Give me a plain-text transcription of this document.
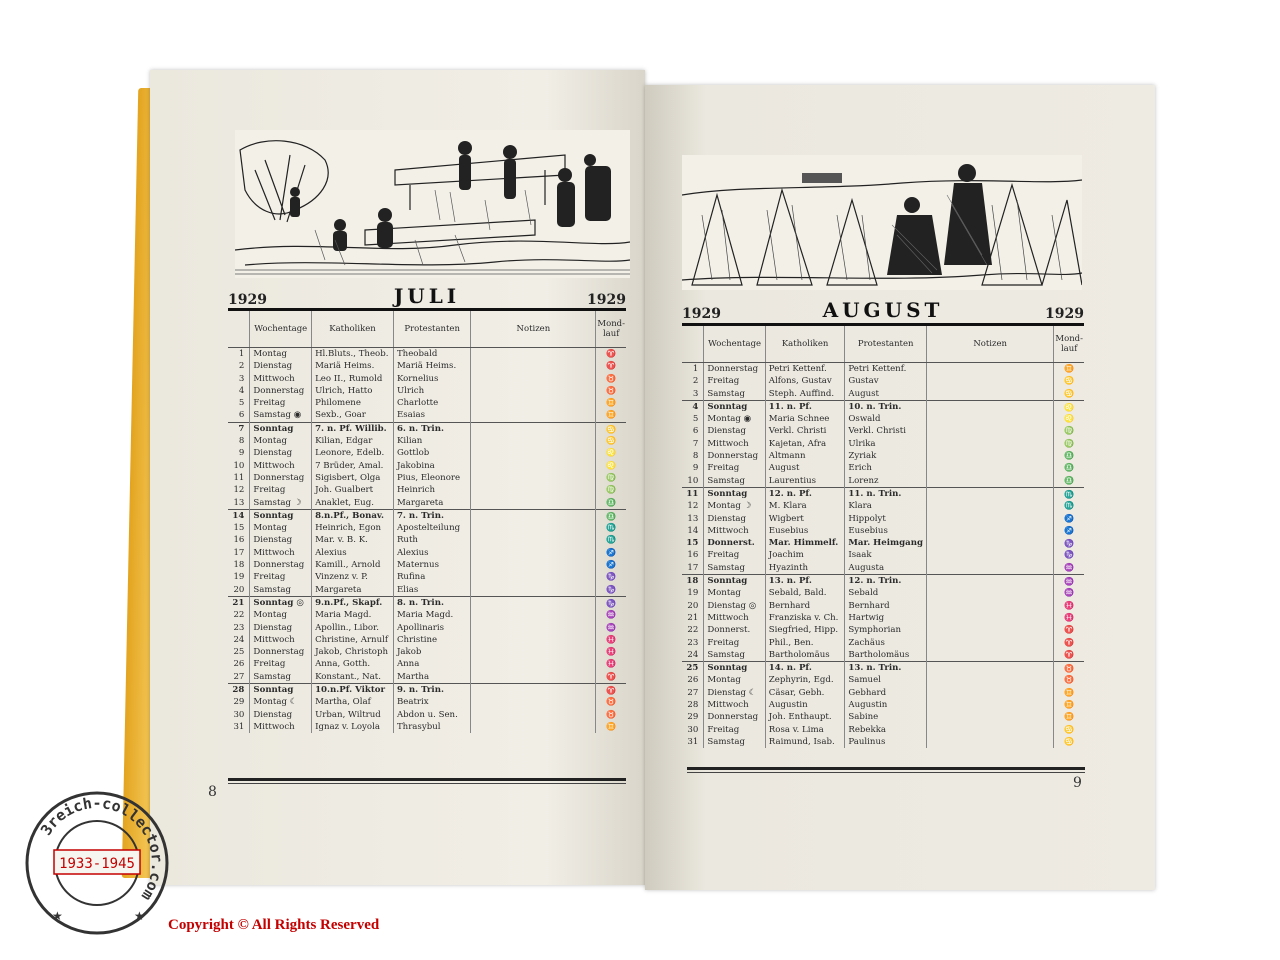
1929	JULI	1929
	Wochentage	Katholiken	Protestanten	Notizen	Mond-lauf
1	Montag	Hl.Bluts., Theob.	Theobald		♈
2	Dienstag	Mariä Heims.	Mariä Heims.		♈
3	Mittwoch	Leo II., Rumold	Kornelius		♉
4	Donnerstag	Ulrich, Hatto	Ulrich		♉
5	Freitag	Philomene	Charlotte		♊
6	Samstag ◉	Sexb., Goar	Esaias		♊
7	Sonntag	7. n. Pf. Willib.	6. n. Trin.		♋
8	Montag	Kilian, Edgar	Kilian		♋
9	Dienstag	Leonore, Edelb.	Gottlob		♌
10	Mittwoch	7 Brüder, Amal.	Jakobina		♌
11	Donnerstag	Sigisbert, Olga	Pius, Eleonore		♍
12	Freitag	Joh. Gualbert	Heinrich		♍
13	Samstag ☽	Anaklet, Eug.	Margareta		♎
14	Sonntag	8.n.Pf., Bonav.	7. n. Trin.		♎
15	Montag	Heinrich, Egon	Apostelteilung		♏
16	Dienstag	Mar. v. B. K.	Ruth		♏
17	Mittwoch	Alexius	Alexius		♐
18	Donnerstag	Kamill., Arnold	Maternus		♐
19	Freitag	Vinzenz v. P.	Rufina		♑
20	Samstag	Margareta	Elias		♑
21	Sonntag ◎	9.n.Pf., Skapf.	8. n. Trin.		♑
22	Montag	Maria Magd.	Maria Magd.		♒
23	Dienstag	Apollin., Libor.	Apollinaris		♒
24	Mittwoch	Christine, Arnulf	Christine		♓
25	Donnerstag	Jakob, Christoph	Jakob		♓
26	Freitag	Anna, Gotth.	Anna		♓
27	Samstag	Konstant., Nat.	Martha		♈
28	Sonntag	10.n.Pf. Viktor	9. n. Trin.		♈
29	Montag ☾	Martha, Olaf	Beatrix		♉
30	Dienstag	Urban, Wiltrud	Abdon u. Sen.		♉
31	Mittwoch	Ignaz v. Loyola	Thrasybul		♊
8
1929	AUGUST	1929
	Wochentage	Katholiken	Protestanten	Notizen	Mond-lauf
1	Donnerstag	Petri Kettenf.	Petri Kettenf.		♊
2	Freitag	Alfons, Gustav	Gustav		♋
3	Samstag	Steph. Auffind.	August		♋
4	Sonntag	11. n. Pf.	10. n. Trin.		♌
5	Montag ◉	Maria Schnee	Oswald		♌
6	Dienstag	Verkl. Christi	Verkl. Christi		♍
7	Mittwoch	Kajetan, Afra	Ulrika		♍
8	Donnerstag	Altmann	Zyriak		♎
9	Freitag	August	Erich		♎
10	Samstag	Laurentius	Lorenz		♎
11	Sonntag	12. n. Pf.	11. n. Trin.		♏
12	Montag ☽	M. Klara	Klara		♏
13	Dienstag	Wigbert	Hippolyt		♐
14	Mittwoch	Eusebius	Eusebius		♐
15	Donnerst.	Mar. Himmelf.	Mar. Heimgang		♑
16	Freitag	Joachim	Isaak		♑
17	Samstag	Hyazinth	Augusta		♒
18	Sonntag	13. n. Pf.	12. n. Trin.		♒
19	Montag	Sebald, Bald.	Sebald		♒
20	Dienstag ◎	Bernhard	Bernhard		♓
21	Mittwoch	Franziska v. Ch.	Hartwig		♓
22	Donnerst.	Siegfried, Hipp.	Symphorian		♈
23	Freitag	Phil., Ben.	Zachäus		♈
24	Samstag	Bartholomäus	Bartholomäus		♈
25	Sonntag	14. n. Pf.	13. n. Trin.		♉
26	Montag	Zephyrin, Egd.	Samuel		♉
27	Dienstag ☾	Cäsar, Gebh.	Gebhard		♊
28	Mittwoch	Augustin	Augustin		♊
29	Donnerstag	Joh. Enthaupt.	Sabine		♊
30	Freitag	Rosa v. Lima	Rebekka		♋
31	Samstag	Raimund, Isab.	Paulinus		♋
9
3reich-collector.com
1933-1945
★	★
Copyright © All Rights Reserved
